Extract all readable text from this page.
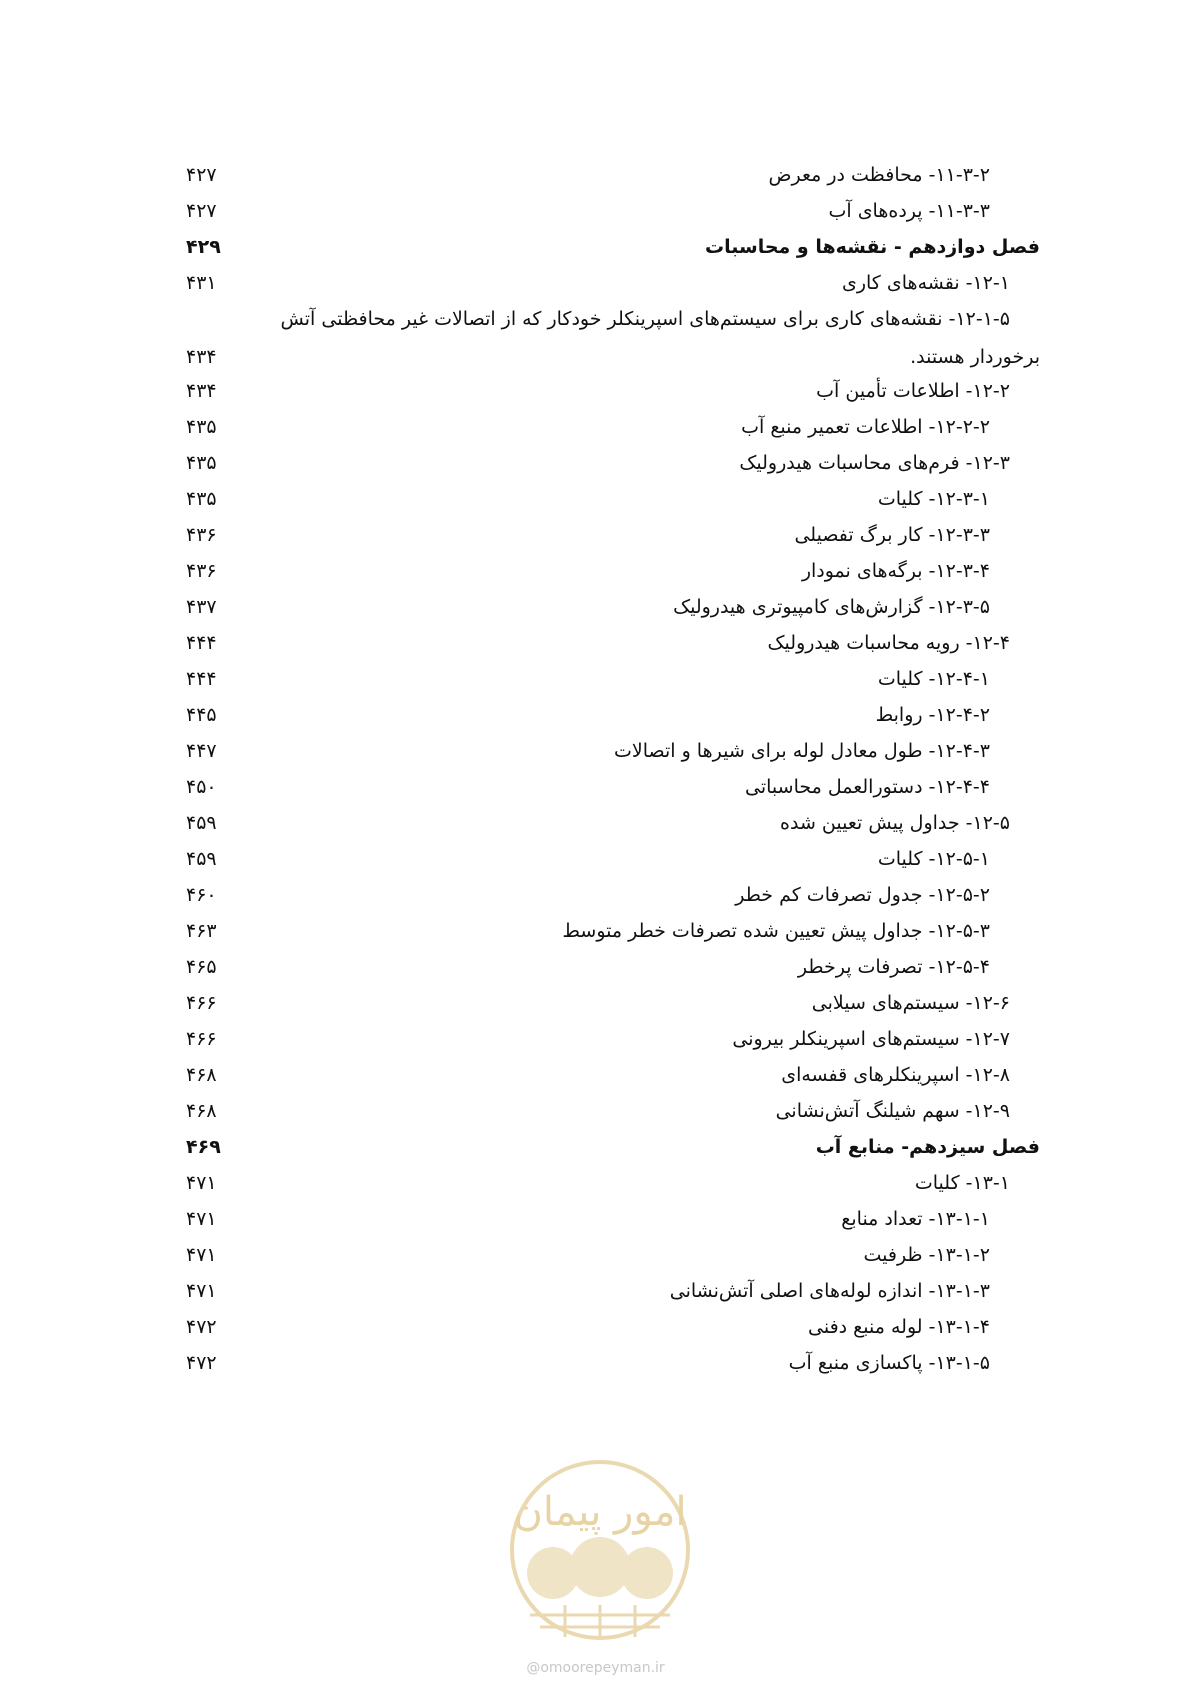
۱۱-۳-۲- محافظت در معرض
۴۲۷
۱۱-۳-۳- پرده‌های آب
۴۲۷
فصل دوازدهم - نقشه‌ها و محاسبات
۴۲۹
۱۲-۱- نقشه‌های کاری
۴۳۱
۱۲-۲- اطلاعات تأمین آب
۴۳۴
۱۲-۲-۲- اطلاعات تعمیر منبع آب
۴۳۵
۱۲-۳- فرم‌های محاسبات هیدرولیک
۴۳۵
۱۲-۳-۱- کلیات
۴۳۵
۱۲-۳-۳- کار برگ تفصیلی
۴۳۶
۱۲-۳-۴- برگه‌های نمودار
۴۳۶
۱۲-۳-۵- گزارش‌های کامپیوتری هیدرولیک
۴۳۷
۱۲-۴- رویه محاسبات هیدرولیک
۴۴۴
۱۲-۴-۱- کلیات
۴۴۴
۱۲-۴-۲- روابط
۴۴۵
۱۲-۴-۳- طول معادل لوله برای شیرها و اتصالات
۴۴۷
۱۲-۴-۴- دستورالعمل محاسباتی
۴۵۰
۱۲-۵- جداول پیش تعیین شده
۴۵۹
۱۲-۵-۱- کلیات
۴۵۹
۱۲-۵-۲- جدول تصرفات کم خطر
۴۶۰
۱۲-۵-۳- جداول پیش تعیین شده تصرفات خطر متوسط
۴۶۳
۱۲-۵-۴- تصرفات پرخطر
۴۶۵
۱۲-۶- سیستم‌های سیلابی
۴۶۶
۱۲-۷- سیستم‌های اسپرینکلر بیرونی
۴۶۶
۱۲-۸- اسپرینکلرهای قفسه‌ای
۴۶۸
۱۲-۹- سهم شیلنگ آتش‌نشانی
۴۶۸
فصل سیزدهم- منابع آب
۴۶۹
۱۳-۱- کلیات
۴۷۱
۱۳-۱-۱- تعداد منابع
۴۷۱
۱۳-۱-۲- ظرفیت
۴۷۱
۱۳-۱-۳- اندازه لوله‌های اصلی آتش‌نشانی
۴۷۱
۱۳-۱-۴- لوله منبع دفنی
۴۷۲
۱۳-۱-۵- پاکسازی منبع آب
۴۷۲
۱۲-۱-۵- نقشه‌های کاری برای سیستم‌های اسپرینکلر خودکار که از اتصالات غیر محافظتی آتش
برخوردار هستند.
۴۳۴
امور پیمان
@omoorepeyman.ir
